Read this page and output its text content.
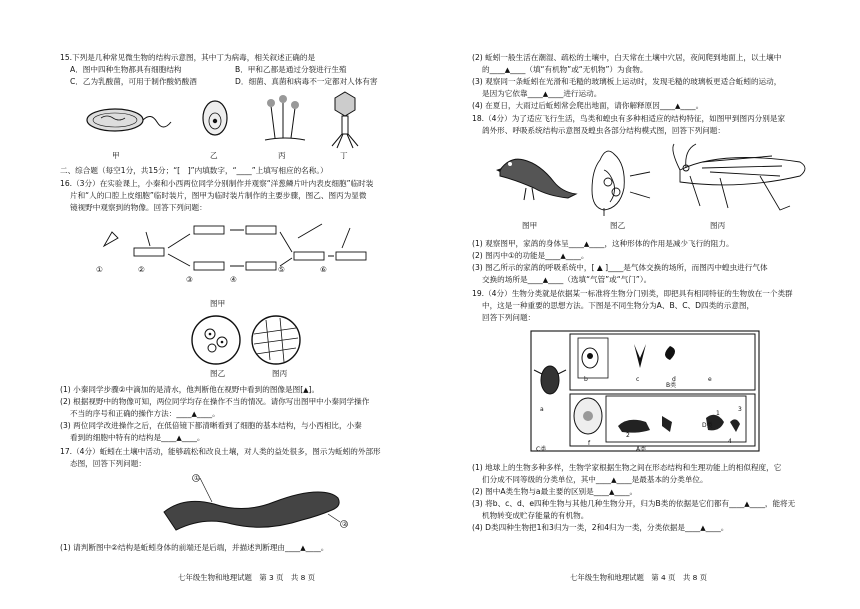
15.下列是几种常见微生物的结构示意图，其中丁为病毒，相关叙述正确的是
A．图中四种生物都具有细胞结构	B．甲和乙都是通过分裂进行生殖
C．乙为乳酸菌，可用于制作酸奶酸酒	D．细菌、真菌和病毒不一定都对人体有害
甲	乙	丙	丁
二、综合题（每空1分，共15分；“[　]”内填数字，“____”上填写相应的名称。）
16.（3分）在实验课上，小秦和小西两位同学分别制作并观察“洋葱鳞片叶内表皮细胞”临时装
片和“人的口腔上皮细胞”临时装片，图甲为临时装片制作的主要步骤，图乙、图丙为显微
镜视野中观察到的物像。回答下列问题：
①	②
③	④
⑤	⑥
图甲
图乙	图丙
(1) 小秦同学步骤②中滴加的是清水，他判断他在视野中看到的图像是图[▲]。
(2) 根据视野中的物像可知，两位同学均存在操作不当的情况。请你写出图甲中小秦同学操作
不当的序号和正确的操作方法：____▲____。
(3) 两位同学改进操作之后，在低倍镜下都清晰看到了细胞的基本结构，与小西相比，小秦
看到的细胞中特有的结构是____▲____。
17.（4分）蚯蚓在土壤中活动，能够疏松和改良土壤，对人类的益处很多，图示为蚯蚓的外部形
态图，回答下列问题：
①
②
(1) 请判断图中②结构是蚯蚓身体的前端还是后端，并描述判断理由____▲____。
七年级生物和地理试题　第 3 页　共 8 页
(2) 蚯蚓一般生活在潮湿、疏松的土壤中，白天常在土壤中穴居，夜间爬到地面上，以土壤中
的____▲____（填“有机物”或“无机物”）为食物。
(3) 观察同一条蚯蚓在光滑和毛糙的玻璃板上运动时，发现毛糙的玻璃板更适合蚯蚓的运动，
是因为它依靠____▲____进行运动。
(4) 在夏日，大雨过后蚯蚓常会爬出地面，请你解释原因____▲____。
18.（4分）为了适应飞行生活，鸟类和蝗虫有多种相适应的结构特征，如图甲到图丙分别是家
鸽外形、呼吸系统结构示意图及蝗虫各部分结构模式图，回答下列问题：
图甲	图乙	图丙
(1) 观察图甲，家鸽的身体呈____▲____，这种形体的作用是减少飞行的阻力。
(2) 图丙中①的功能是____▲____。
(3) 图乙所示的家鸽的呼吸系统中，[ ▲ ]____是气体交换的场所，而图丙中蝗虫进行气体
交换的场所是____▲____（选填“气管”或“气门”）。
19.（4分）生物分类就是依据某一标准将生物分门别类，即把具有相同特征的生物放在一个类群
中，这是一种重要的思想方法。下图是不同生物分为A、B、C、D四类的示意图，
回答下列问题：
a
b	c	d	e
f
B类
C类	A类
D类
1
2
3
4
(1) 地球上的生物多种多样，生物学家根据生物之间在形态结构和生理功能上的相似程度，它
们分成不同等级的分类单位，其中____▲____是最基本的分类单位。
(2) 图中A类生物与a最主要的区别是____▲____。
(3) 将b、c、d、e四种生物与其他几种生物分开，归为B类的依据是它们都有____▲____，能将无
机物转变成贮存能量的有机物。
(4) D类四种生物把1和3归为一类，2和4归为一类，分类依据是____▲____。
七年级生物和地理试题　第 4 页　共 8 页
